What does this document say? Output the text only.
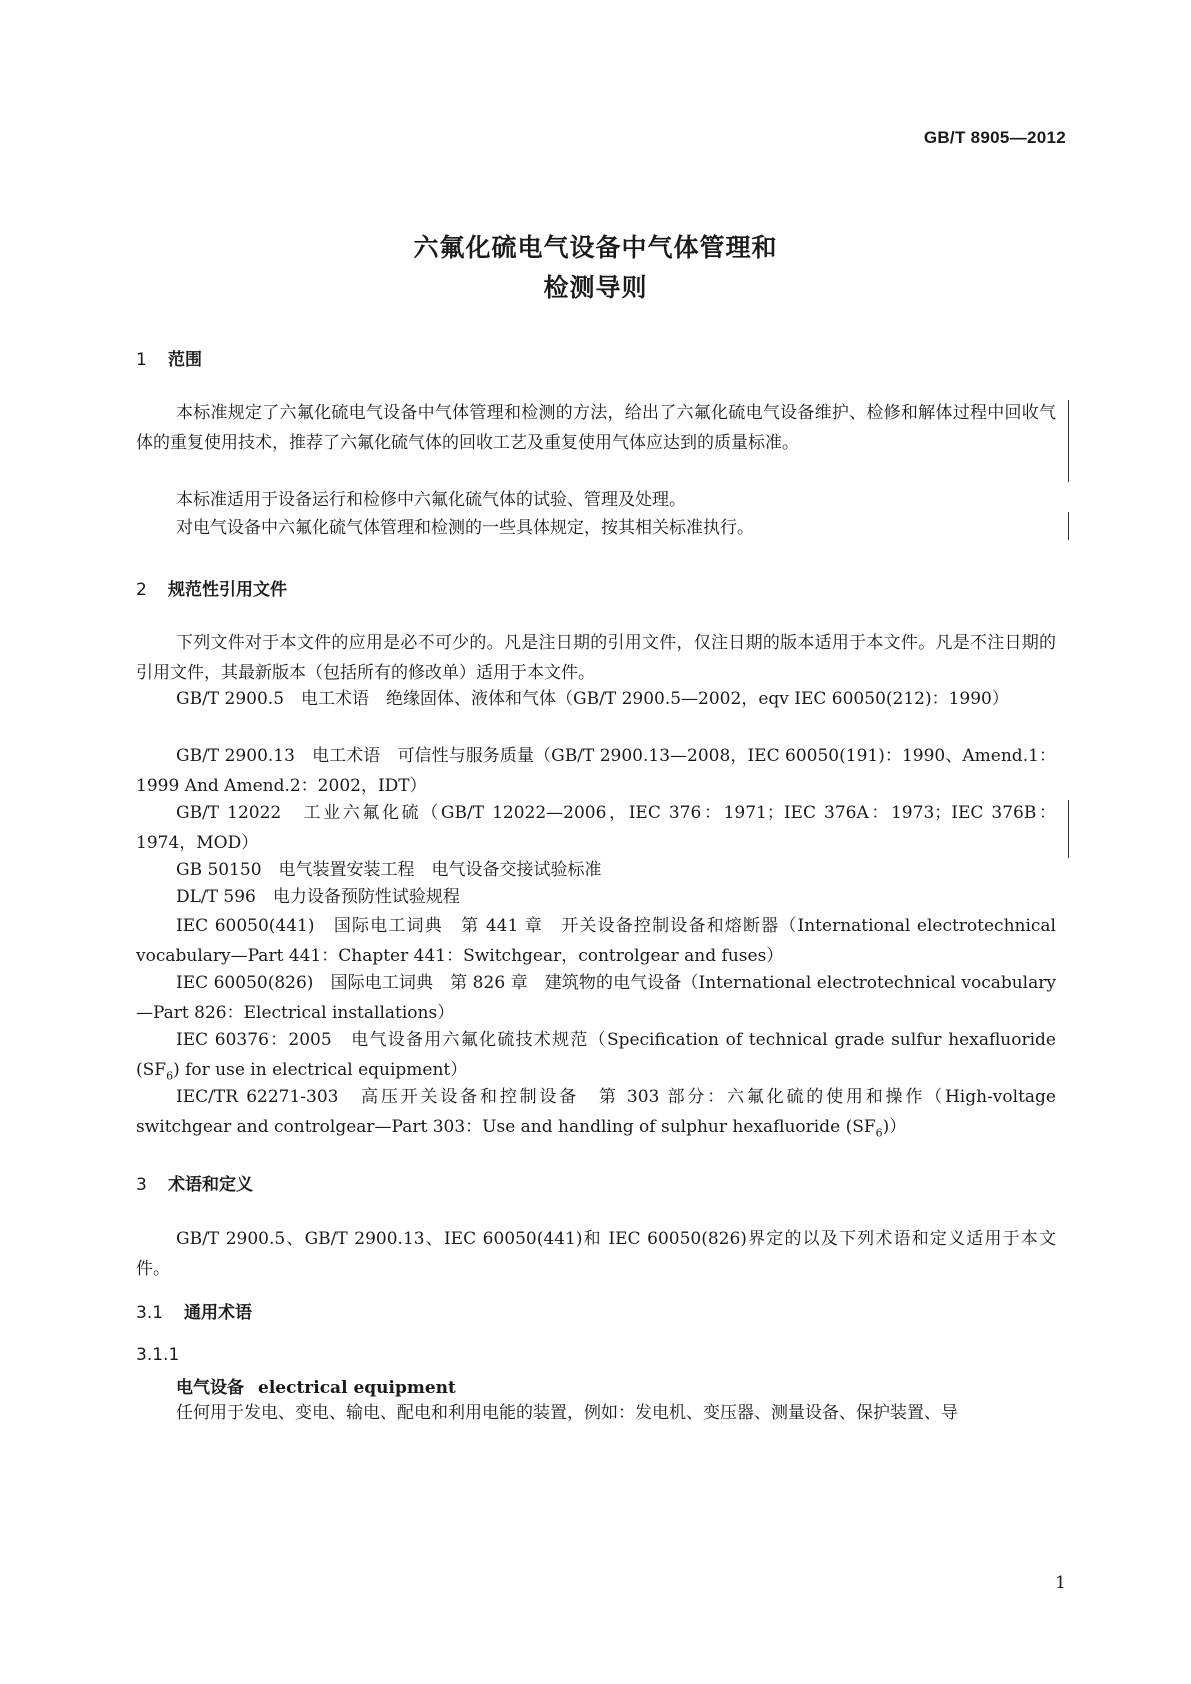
GB/T 8905—2012
六氟化硫电气设备中气体管理和
检测导则
1 范围
本标准规定了六氟化硫电气设备中气体管理和检测的方法，给出了六氟化硫电气设备维护、检修和解体过程中回收气体的重复使用技术，推荐了六氟化硫气体的回收工艺及重复使用气体应达到的质量标准。
本标准适用于设备运行和检修中六氟化硫气体的试验、管理及处理。
对电气设备中六氟化硫气体管理和检测的一些具体规定，按其相关标准执行。
2 规范性引用文件
下列文件对于本文件的应用是必不可少的。凡是注日期的引用文件，仅注日期的版本适用于本文件。凡是不注日期的引用文件，其最新版本（包括所有的修改单）适用于本文件。
GB/T 2900.5　电工术语　绝缘固体、液体和气体（GB/T 2900.5—2002，eqv IEC 60050(212)：1990）
GB/T 2900.13　电工术语　可信性与服务质量（GB/T 2900.13—2008，IEC 60050(191)：1990、Amend.1：1999 And Amend.2：2002，IDT）
GB/T 12022　工业六氟化硫（GB/T 12022—2006，IEC 376：1971；IEC 376A：1973；IEC 376B：1974，MOD）
GB 50150　电气装置安装工程　电气设备交接试验标准
DL/T 596　电力设备预防性试验规程
IEC 60050(441)　国际电工词典　第 441 章　开关设备控制设备和熔断器（International electrotechnical vocabulary—Part 441：Chapter 441：Switchgear，controlgear and fuses）
IEC 60050(826)　国际电工词典　第 826 章　建筑物的电气设备（International electrotechnical vocabulary—Part 826：Electrical installations）
IEC 60376：2005　电气设备用六氟化硫技术规范（Specification of technical grade sulfur hexafluoride $(SF_6)$ for use in electrical equipment）
IEC/TR 62271-303　高压开关设备和控制设备　第 303 部分：六氟化硫的使用和操作（High-voltage switchgear and controlgear—Part 303：Use and handling of sulphur hexafluoride $(SF_6)$）
3 术语和定义
GB/T 2900.5、GB/T 2900.13、IEC 60050(441)和 IEC 60050(826)界定的以及下列术语和定义适用于本文件。
3.1 通用术语
3.1.1
电气设备 electrical equipment
任何用于发电、变电、输电、配电和利用电能的装置，例如：发电机、变压器、测量设备、保护装置、导
1
